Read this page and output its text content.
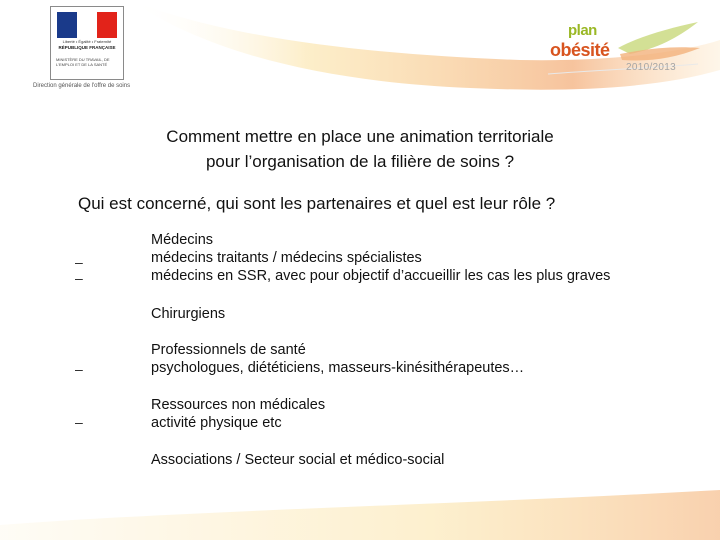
Liberté • Égalité • Fraternité
RÉPUBLIQUE FRANÇAISE
MINISTÈRE DU TRAVAIL, DE L'EMPLOI ET DE LA SANTÉ
Direction générale de l'offre de soins
plan
obésité
2010/2013
Comment mettre en place une animation territoriale
pour l’organisation de la filière de soins ?
Qui est concerné, qui sont les partenaires et quel est leur rôle ?
–
–
–
–
Médecins
médecins traitants / médecins spécialistes
médecins en SSR, avec pour objectif d’accueillir les cas les plus graves
Chirurgiens
Professionnels de santé
psychologues, diététiciens, masseurs-kinésithérapeutes…
Ressources non médicales
activité physique etc
Associations / Secteur social et médico-social
